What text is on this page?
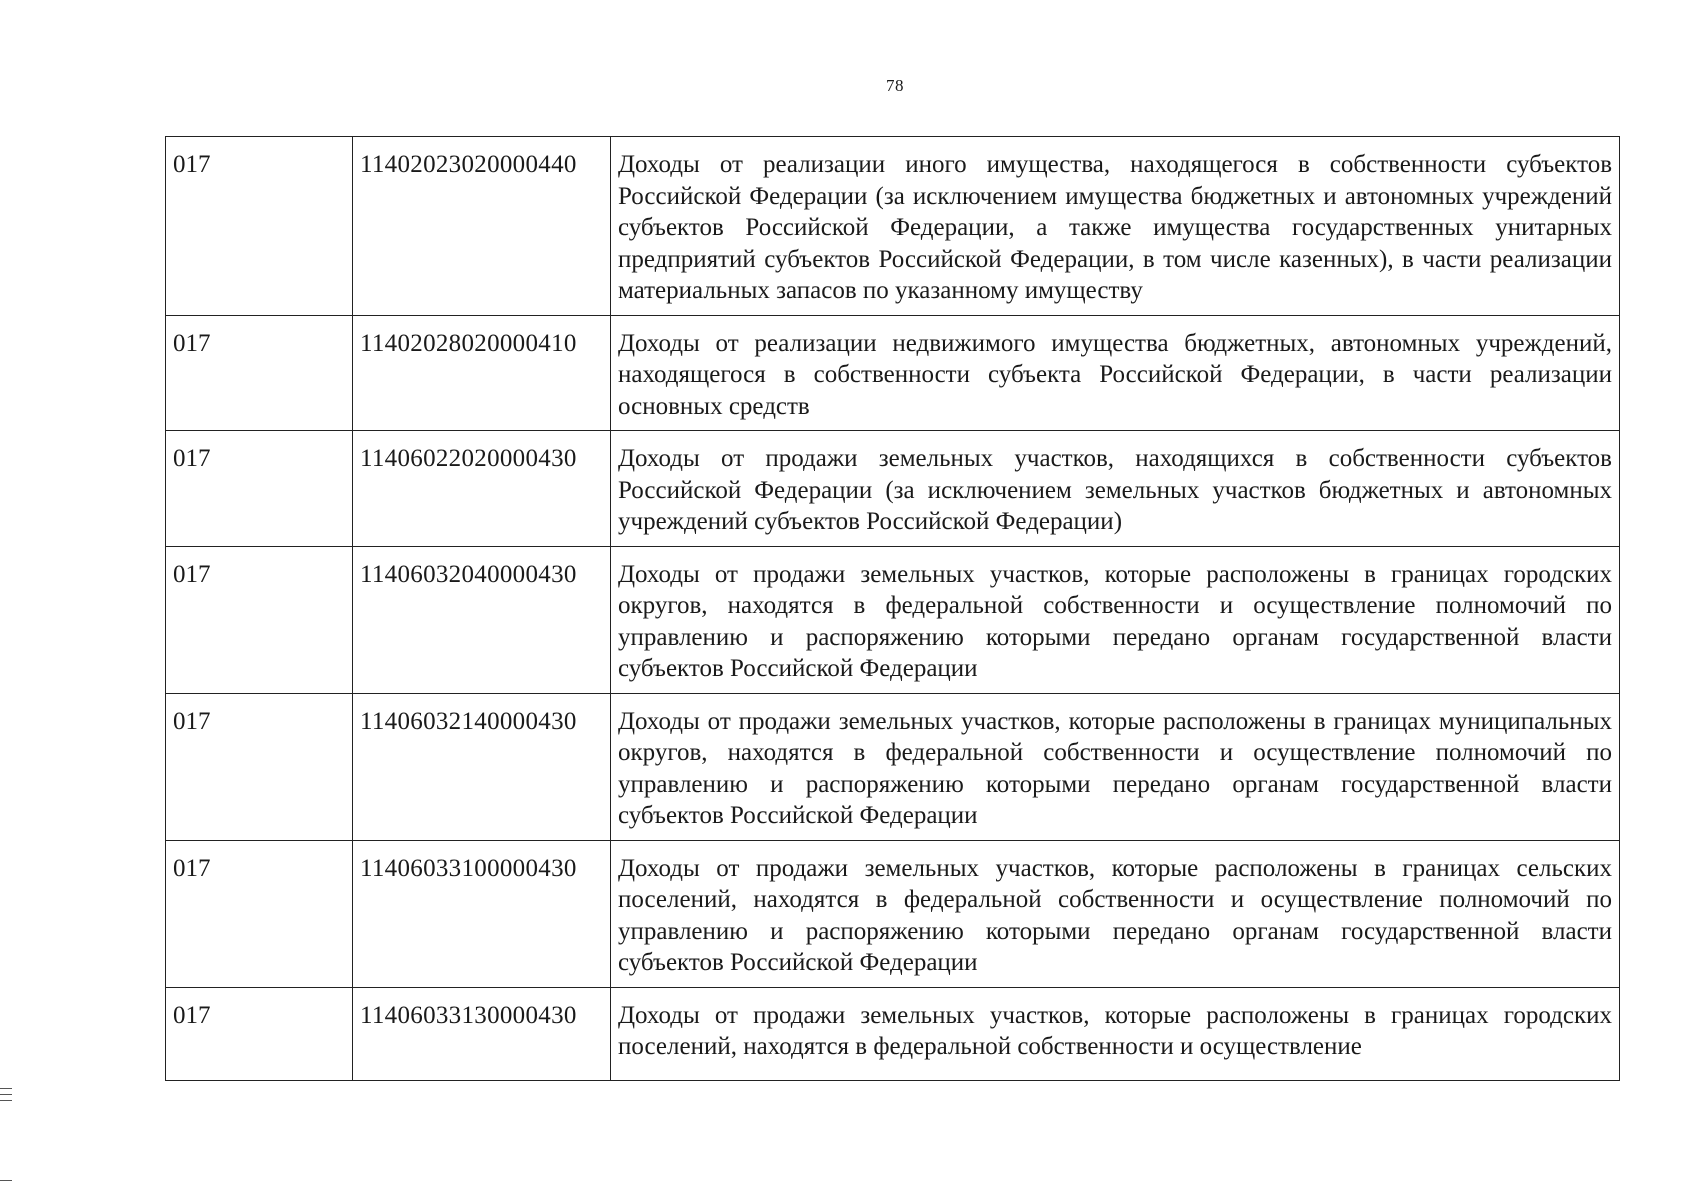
78
017	11402023020000440	Доходы от реализации иного имущества, находящегося в собственности субъектов Российской Федерации (за исключением имущества бюджетных и автономных учреждений субъектов Российской Федерации, а также имущества государственных унитарных предприятий субъектов Российской Федерации, в том числе казенных), в части реализации материальных запасов по указанному имуществу
017	11402028020000410	Доходы от реализации недвижимого имущества бюджетных, автономных учреждений, находящегося в собственности субъекта Российской Федерации, в части реализации основных средств
017	11406022020000430	Доходы от продажи земельных участков, находящихся в собственности субъектов Российской Федерации (за исключением земельных участков бюджетных и автономных учреждений субъектов Российской Федерации)
017	11406032040000430	Доходы от продажи земельных участков, которые расположены в границах городских округов, находятся в федеральной собственности и осуществление полномочий по управлению и распоряжению которыми передано органам государственной власти субъектов Российской Федерации
017	11406032140000430	Доходы от продажи земельных участков, которые расположены в границах муниципальных округов, находятся в федеральной собственности и осуществление полномочий по управлению и распоряжению которыми передано органам государственной власти субъектов Российской Федерации
017	11406033100000430	Доходы от продажи земельных участков, которые расположены в границах сельских поселений, находятся в федеральной собственности и осуществление полномочий по управлению и распоряжению которыми передано органам государственной власти субъектов Российской Федерации
017	11406033130000430	Доходы от продажи земельных участков, которые расположены в границах городских поселений, находятся в федеральной собственности и осуществление
